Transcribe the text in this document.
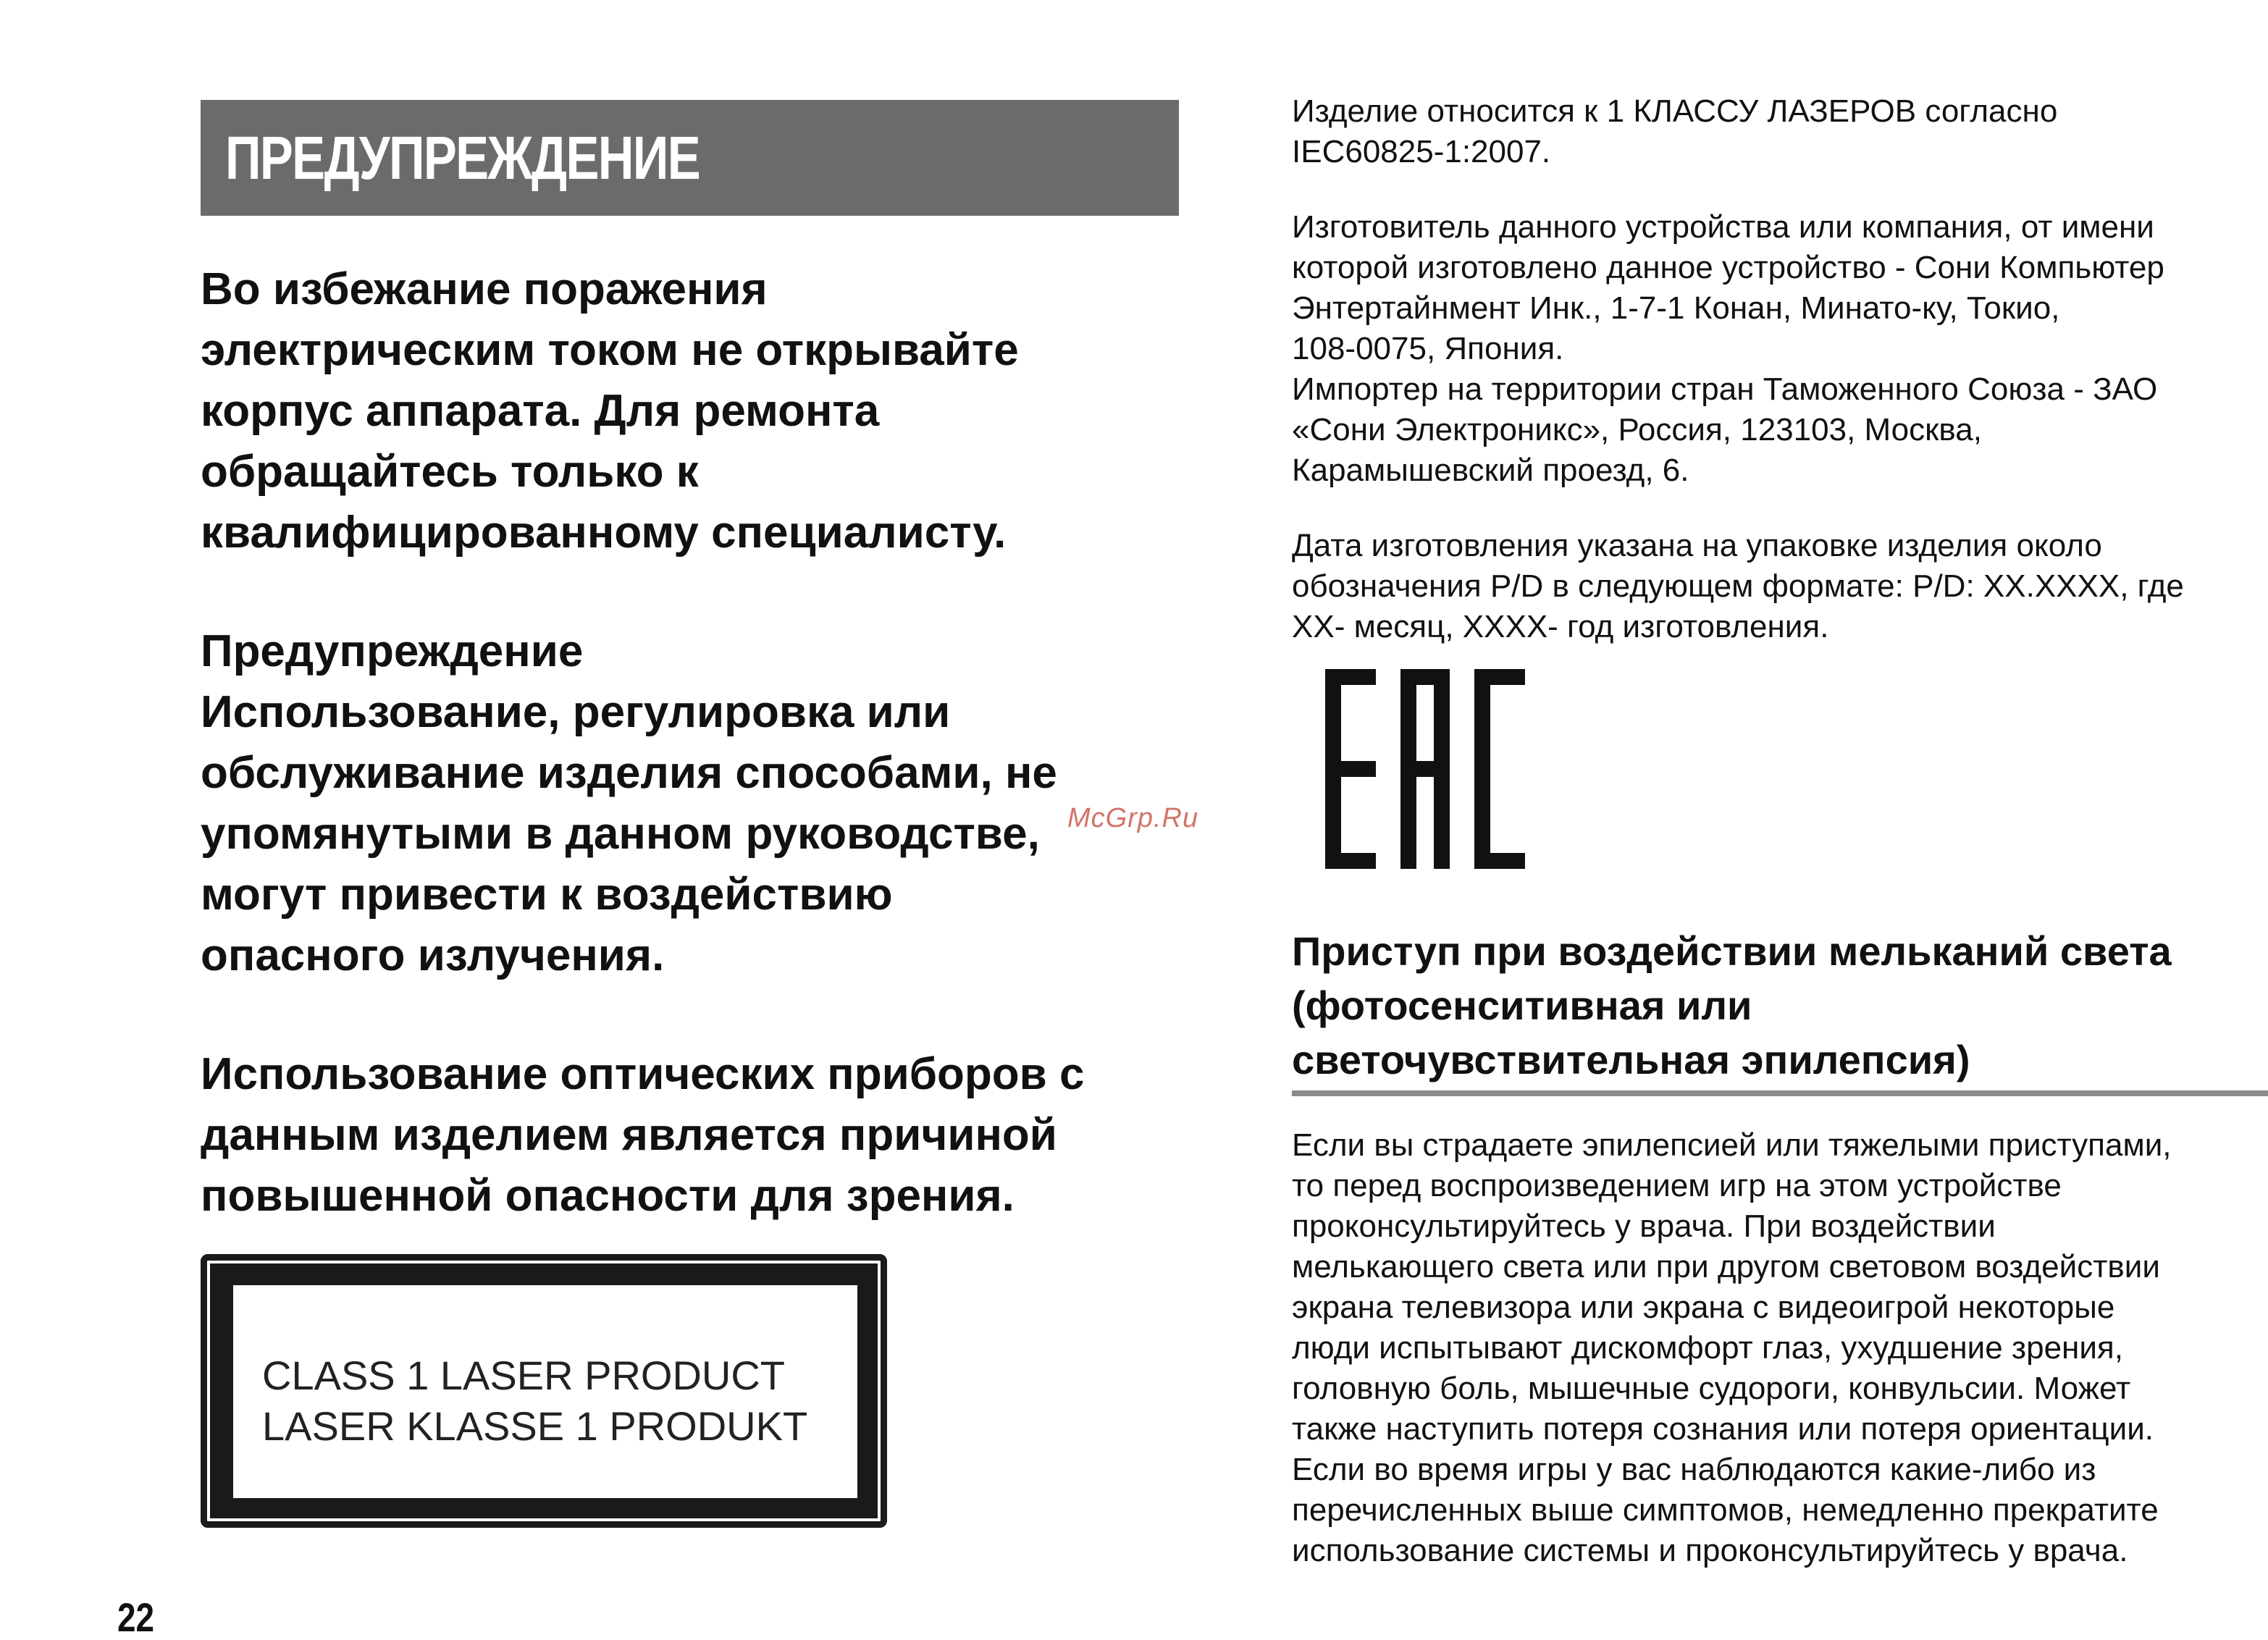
ПРЕДУПРЕЖДЕНИЕ
Во избежание поражения
электрическим током не открывайте
корпус аппарата. Для ремонта
обращайтесь только к
квалифицированному специалисту.
Предупреждение
Использование, регулировка или
обслуживание изделия способами, не
упомянутыми в данном руководстве,
могут привести к воздействию
опасного излучения.
Использование оптических приборов с
данным изделием является причиной
повышенной опасности для зрения.
CLASS 1 LASER PRODUCT
LASER KLASSE 1 PRODUKT
McGrp.Ru
22
Изделие относится к 1 КЛАССУ ЛАЗЕРОВ согласно
IEC60825-1:2007.
Изготовитель данного устройства или компания, от имени
которой изготовлено данное устройство - Сони Компьютер
Энтертайнмент Инк., 1-7-1 Конан, Минато-ку, Токио,
108-0075, Япония.
Импортер на территории стран Таможенного Союза - ЗАО
«Сони Электроникс», Россия, 123103, Москва,
Карамышевский проезд, 6.
Дата изготовления указана на упаковке изделия около
обозначения P/D в следующем формате: P/D: XX.XXXX, где
XX- месяц, XXXX- год изготовления.
Приступ при воздействии мельканий света
(фотосенситивная или
светочувствительная эпилепсия)
Если вы страдаете эпилепсией или тяжелыми приступами,
то перед воспроизведением игр на этом устройстве
проконсультируйтесь у врача. При воздействии
мелькающего света или при другом световом воздействии
экрана телевизора или экрана с видеоигрой некоторые
люди испытывают дискомфорт глаз, ухудшение зрения,
головную боль, мышечные судороги, конвульсии. Может
также наступить потеря сознания или потеря ориентации.
Если во время игры у вас наблюдаются какие-либо из
перечисленных выше симптомов, немедленно прекратите
использование системы и проконсультируйтесь у врача.
